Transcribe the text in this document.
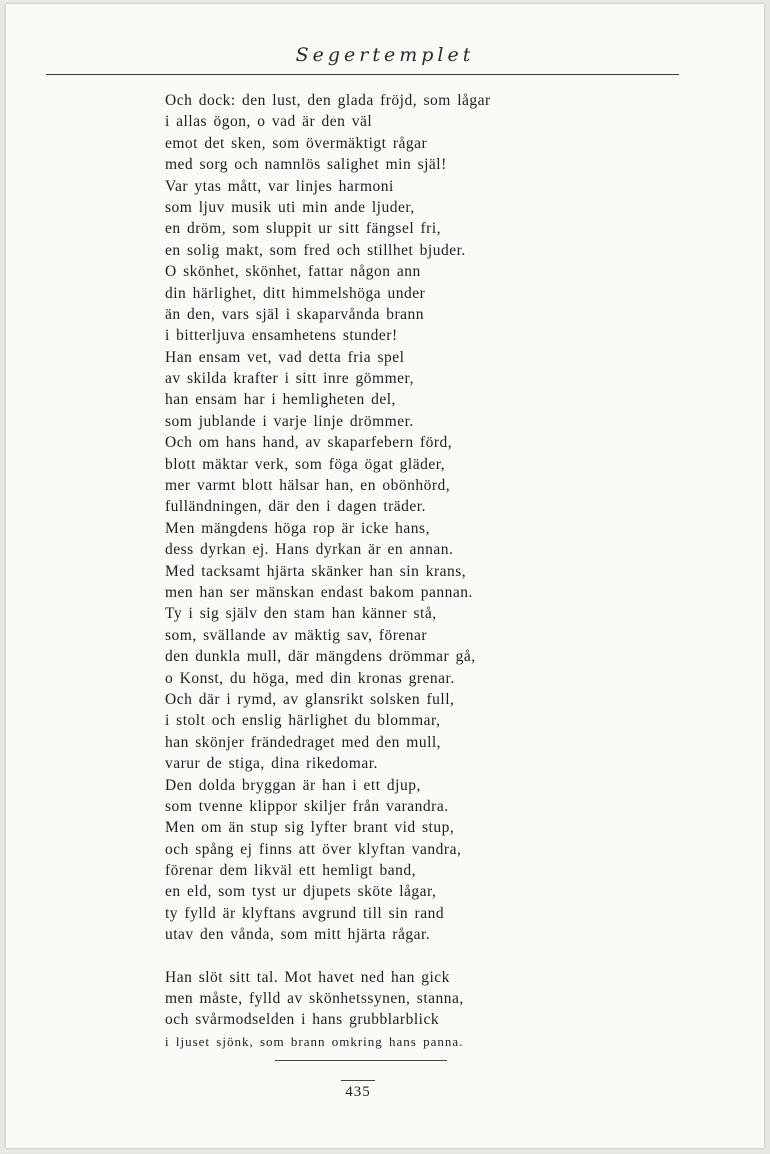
Segertemplet
Och dock: den lust, den glada fröjd, som lågar
i allas ögon, o vad är den väl
emot det sken, som övermäktigt rågar
med sorg och namnlös salighet min själ!
Var ytas mått, var linjes harmoni
som ljuv musik uti min ande ljuder,
en dröm, som sluppit ur sitt fängsel fri,
en solig makt, som fred och stillhet bjuder.
O skönhet, skönhet, fattar någon ann
din härlighet, ditt himmelshöga under
än den, vars själ i skaparvånda brann
i bitterljuva ensamhetens stunder!
Han ensam vet, vad detta fria spel
av skilda krafter i sitt inre gömmer,
han ensam har i hemligheten del,
som jublande i varje linje drömmer.
Och om hans hand, av skaparfebern förd,
blott mäktar verk, som föga ögat gläder,
mer varmt blott hälsar han, en obönhörd,
fulländningen, där den i dagen träder.
Men mängdens höga rop är icke hans,
dess dyrkan ej. Hans dyrkan är en annan.
Med tacksamt hjärta skänker han sin krans,
men han ser mänskan endast bakom pannan.
Ty i sig själv den stam han känner stå,
som, svällande av mäktig sav, förenar
den dunkla mull, där mängdens drömmar gå,
o Konst, du höga, med din kronas grenar.
Och där i rymd, av glansrikt solsken full,
i stolt och enslig härlighet du blommar,
han skönjer frändedraget med den mull,
varur de stiga, dina rikedomar.
Den dolda bryggan är han i ett djup,
som tvenne klippor skiljer från varandra.
Men om än stup sig lyfter brant vid stup,
och spång ej finns att över klyftan vandra,
förenar dem likväl ett hemligt band,
en eld, som tyst ur djupets sköte lågar,
ty fylld är klyftans avgrund till sin rand
utav den vånda, som mitt hjärta rågar.
Han slöt sitt tal. Mot havet ned han gick
men måste, fylld av skönhetssynen, stanna,
och svårmodselden i hans grubblarblick
i ljuset sjönk, som brann omkring hans panna.
435
